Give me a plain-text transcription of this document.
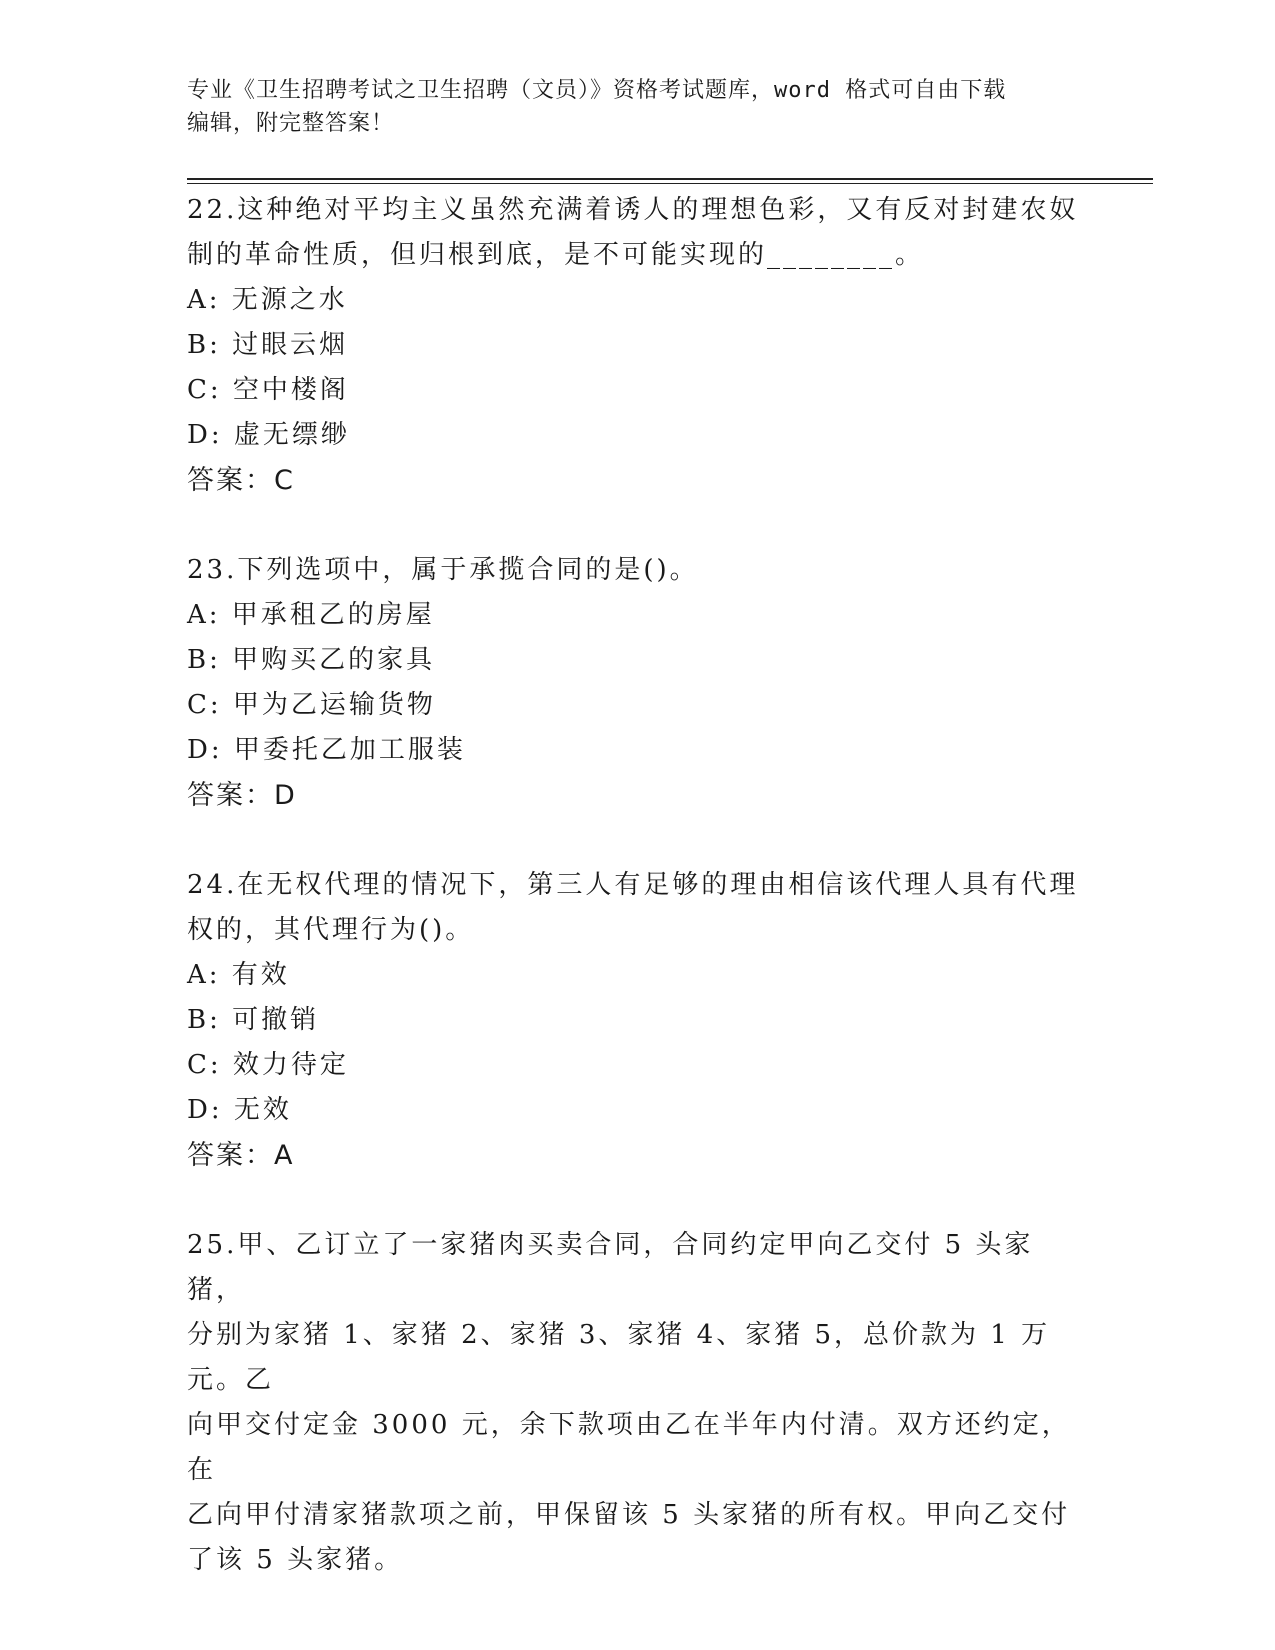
专业《卫生招聘考试之卫生招聘（文员）》资格考试题库，word 格式可自由下载
编辑，附完整答案！
22.这种绝对平均主义虽然充满着诱人的理想色彩，又有反对封建农奴
制的革命性质，但归根到底，是不可能实现的________。
A: 无源之水
B: 过眼云烟
C: 空中楼阁
D: 虚无缥缈
答案：C
23.下列选项中，属于承揽合同的是()。
A: 甲承租乙的房屋
B: 甲购买乙的家具
C: 甲为乙运输货物
D: 甲委托乙加工服装
答案：D
24.在无权代理的情况下，第三人有足够的理由相信该代理人具有代理
权的，其代理行为()。
A: 有效
B: 可撤销
C: 效力待定
D: 无效
答案：A
25.甲、乙订立了一家猪肉买卖合同，合同约定甲向乙交付 5 头家猪，
分别为家猪 1、家猪 2、家猪 3、家猪 4、家猪 5，总价款为 1 万元。乙
向甲交付定金 3000 元，余下款项由乙在半年内付清。双方还约定，在
乙向甲付清家猪款项之前，甲保留该 5 头家猪的所有权。甲向乙交付
了该 5 头家猪。
